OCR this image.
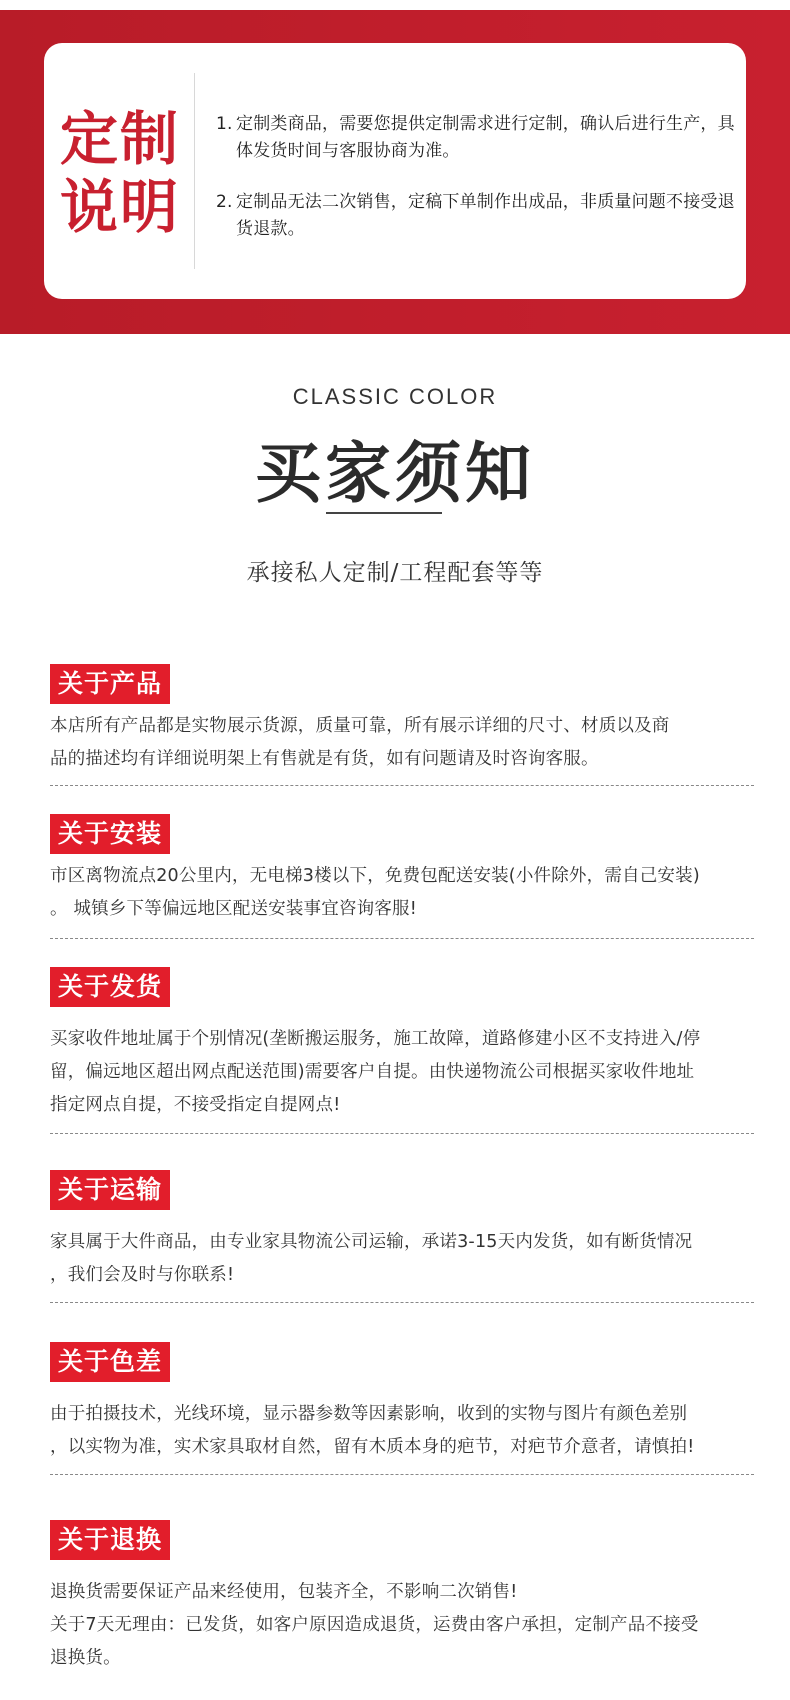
定制
说明
1. 定制类商品，需要您提供定制需求进行定制，确认后进行生产，具体发货时间与客服协商为准。
2. 定制品无法二次销售，定稿下单制作出成品，非质量问题不接受退货退款。
CLASSIC COLOR
买家须知
承接私人定制/工程配套等等
关于产品
本店所有产品都是实物展示货源，质量可靠，所有展示详细的尺寸、材质以及商
品的描述均有详细说明架上有售就是有货，如有问题请及时咨询客服。
关于安装
市区离物流点20公里内，无电梯3楼以下，免费包配送安装(小件除外，需自己安装)
。 城镇乡下等偏远地区配送安装事宜咨询客服!
关于发货
买家收件地址属于个别情况(垄断搬运服务，施工故障，道路修建小区不支持进入/停
留，偏远地区超出网点配送范围)需要客户自提。由快递物流公司根据买家收件地址
指定网点自提，不接受指定自提网点!
关于运输
家具属于大件商品，由专业家具物流公司运输，承诺3-15天内发货，如有断货情况
，我们会及时与你联系!
关于色差
由于拍摄技术，光线环境，显示器参数等因素影响，收到的实物与图片有颜色差别
，以实物为准，实术家具取材自然，留有木质本身的疤节，对疤节介意者，请慎拍!
关于退换
退换货需要保证产品来经使用，包装齐全，不影响二次销售!
关于7天无理由：已发货，如客户原因造成退货，运费由客户承担，定制产品不接受
退换货。
